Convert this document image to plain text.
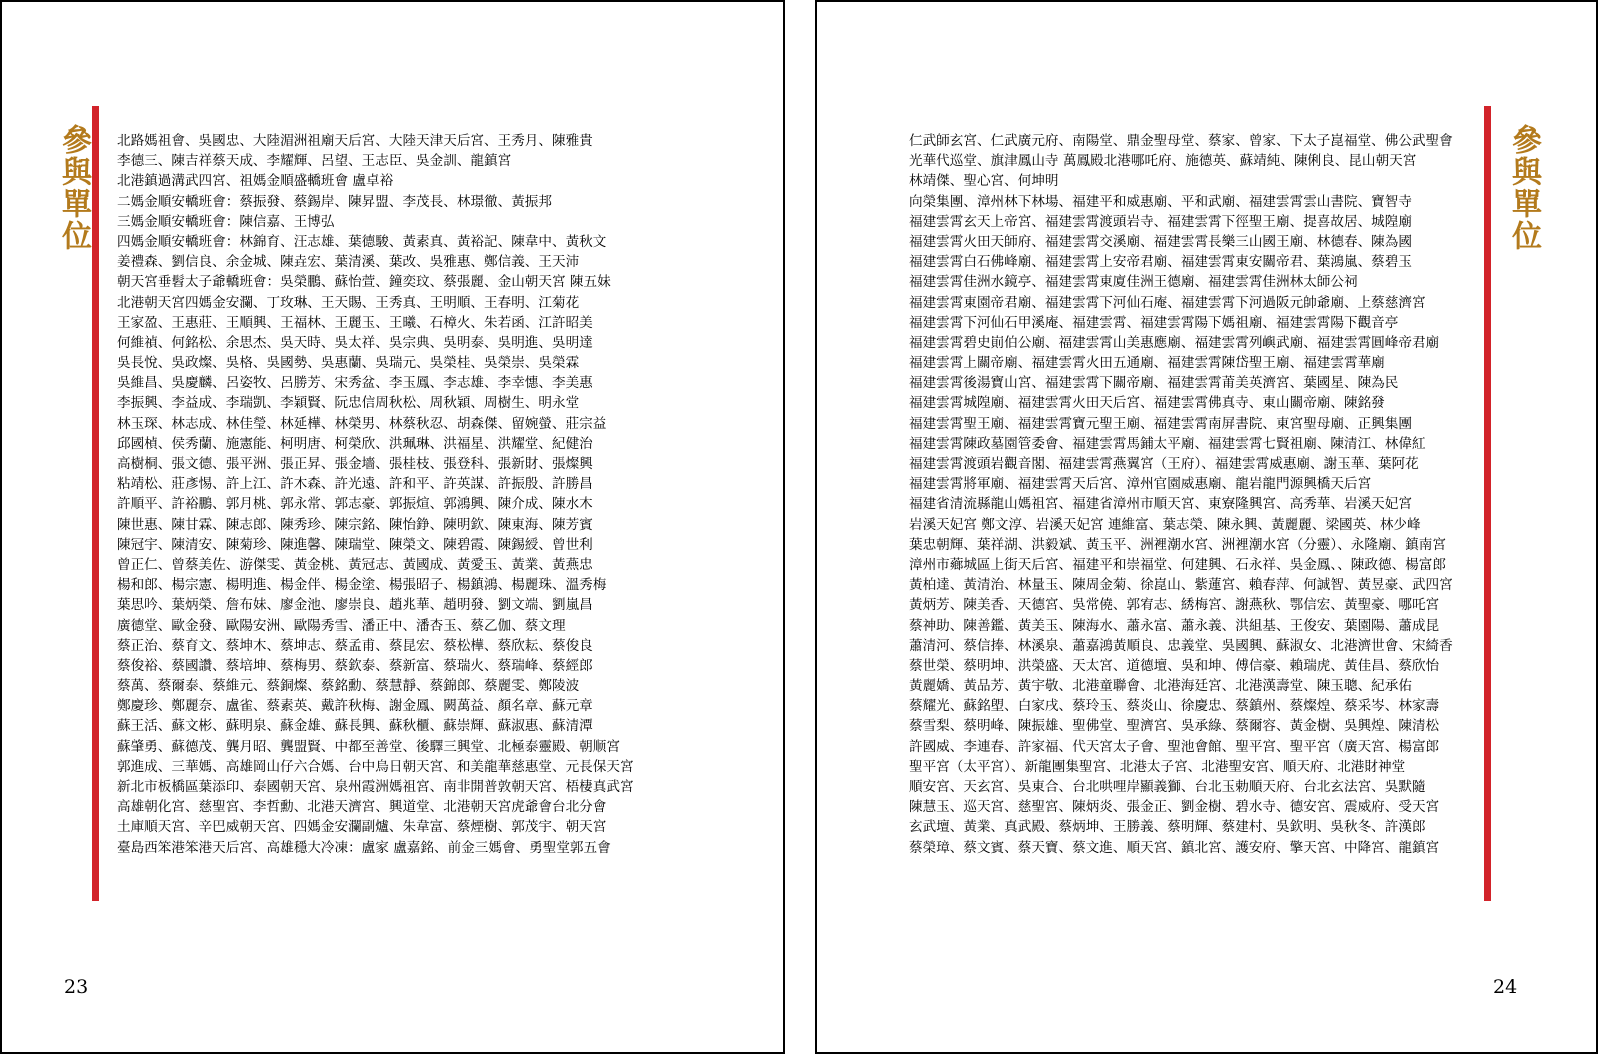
參與單位 北路媽祖會、吳國忠、大陸湄洲祖廟天后宮、大陸天津天后宮、王秀月、陳雅貴
李德三、陳吉祥蔡天成、李耀輝、呂望、王志臣、吳金訓、龍鎮宮
北港鎮過溝武四宮、祖媽金順盛轎班會 盧卓裕
二媽金順安轎班會：蔡振發、蔡錫岸、陳昇盟、李茂長、林璟徹、黃振邦
三媽金順安轎班會：陳信嘉、王博弘
四媽金順安轎班會：林錦育、汪志雄、葉德駿、黃素真、黃裕記、陳韋中、黃秋文
姜禮森、劉信良、余金城、陳垚宏、葉清溪、葉改、吳雅惠、鄭信義、王天沛
朝天宮垂髫太子爺轎班會：吳榮鵬、蘇怡萱、鐘奕玟、蔡張麗、金山朝天宮 陳五妹
北港朝天宮四媽金安瀾、丁玫琳、王天賜、王秀真、王明順、王春明、江菊花
王家盈、王惠莊、王順興、王福林、王麗玉、王曦、石樟火、朱若函、江許昭美
何維禎、何銘松、余思杰、吳天時、吳太祥、吳宗典、吳明泰、吳明進、吳明達
吳長悅、吳政燦、吳格、吳國勢、吳惠蘭、吳瑞元、吳榮桂、吳榮崇、吳榮霖
吳維昌、吳慶麟、呂姿牧、呂勝芳、宋秀盆、李玉鳳、李志雄、李幸憓、李美惠
李振興、李益成、李瑞凱、李穎賢、阮忠信周秋松、周秋穎、周樹生、明永堂
林玉琛、林志成、林佳瑩、林延樺、林榮男、林蔡秋忍、胡森傑、留婉螢、莊宗益
邱國楨、侯秀蘭、施憲能、柯明唐、柯榮欣、洪珮琳、洪福星、洪耀堂、紀健治
高樹桐、張文德、張平洲、張正昇、張金墻、張桂枝、張登科、張新財、張燦興
粘靖松、莊彥惕、許上江、許木森、許光遠、許和平、許英謀、許振殷、許勝昌
許順平、許裕鵬、郭月桃、郭永常、郭志豪、郭振煊、郭鴻興、陳介成、陳水木
陳世惠、陳甘霖、陳志郎、陳秀珍、陳宗銘、陳怡錚、陳明欽、陳東海、陳芳賓
陳冠宇、陳清安、陳菊珍、陳進馨、陳瑞堂、陳榮文、陳碧霞、陳錫綬、曾世利
曾正仁、曾蔡美佐、游傑雯、黃金桃、黃冠志、黃國成、黃愛玉、黃業、黃燕忠
楊和郎、楊宗憲、楊明進、楊金伴、楊金塗、楊張昭子、楊鎮鴻、楊麗珠、溫秀梅
葉思吟、葉炳榮、詹布妹、廖金池、廖崇良、趙兆華、趙明發、劉文端、劉嵐昌
廣德堂、歐金發、歐陽安洲、歐陽秀雪、潘正中、潘杏玉、蔡乙伽、蔡文理
蔡正治、蔡育文、蔡坤木、蔡坤志、蔡孟甫、蔡昆宏、蔡松樺、蔡欣耘、蔡俊良
蔡俊裕、蔡國讚、蔡培坤、蔡梅男、蔡欽泰、蔡新富、蔡瑞火、蔡瑞峰、蔡經郎
蔡萬、蔡爾泰、蔡維元、蔡銅燦、蔡銘勳、蔡慧靜、蔡錦郎、蔡麗雯、鄭陵波
鄭慶珍、鄭麗奈、盧雀、蔡素英、戴許秋梅、謝金鳳、闕萬益、顏名章、蘇元章
蘇王活、蘇文彬、蘇明泉、蘇金雄、蘇長興、蘇秋櫃、蘇崇輝、蘇淑惠、蘇清潭
蘇肇勇、蘇德茂、龔月昭、龔盟賢、中都至善堂、後驛三興堂、北極泰靈殿、朝顺宮
郭進成、三華媽、高雄岡山仔六合媽、台中烏日朝天宮、和美龍華慈惠堂、元長保天宮
新北市板橋區葉添印、泰國朝天宮、泉州霞洲媽祖宮、南非開普敦朝天宮、梧棲真武宮
高雄朝化宮、慈聖宮、李哲勳、北港天濟宮、興道堂、北港朝天宮虎爺會台北分會
土庫順天宮、辛巴威朝天宮、四媽金安瀾副爐、朱韋富、蔡煙樹、郭茂宇、朝天宮
臺島西笨港笨港天后宮、高雄穩大冷凍：盧家 盧嘉銘、前金三媽會、勇聖堂郭五會
23
仁武師玄宮、仁武廣元府、南陽堂、鼎金聖母堂、蔡家、曾家、下太子崑福堂、佛公武聖會
光華代巡堂、旗津鳳山寺 萬鳳殿北港哪吒府、施德英、蘇靖純、陳俐良、昆山朝天宮
林靖傑、聖心宮、何坤明
向榮集團、漳州林下林場、福建平和威惠廟、平和武廟、福建雲霄雲山書院、寶智寺
福建雲霄玄天上帝宮、福建雲霄渡頭岩寺、福建雲霄下徑聖王廟、提喜故居、城隍廟
福建雲霄火田天師府、福建雲霄交溪廟、福建雲霄長樂三山國王廟、林德春、陳為國
福建雲霄白石佛峰廟、福建雲霄上安帝君廟、福建雲霄東安關帝君、葉鴻嵐、蔡碧玉
福建雲霄佳洲水鏡亭、福建雲霄東廈佳洲王德廟、福建雲霄佳洲林太師公祠
福建雲霄東園帝君廟、福建雲霄下河仙石庵、福建雲霄下河過阪元帥爺廟、上蔡慈濟宮
福建雲霄下河仙石甲溪庵、福建雲霄、福建雲霄陽下媽祖廟、福建雲霄陽下觀音亭
福建雲霄碧史崱伯公廟、福建雲霄山美惠應廟、福建雲霄列嶼武廟、福建雲霄圓峰帝君廟
福建雲霄上關帝廟、福建雲霄火田五通廟、福建雲霄陳岱聖王廟、福建雲霄華廟
福建雲霄後湯寶山宮、福建雲霄下關帝廟、福建雲霄莆美英濟宮、葉國星、陳為民
福建雲霄城隍廟、福建雲霄火田天后宮、福建雲霄佛真寺、東山關帝廟、陳銘發
福建雲霄聖王廟、福建雲霄寶元聖王廟、福建雲霄南屏書院、東宮聖母廟、正興集團
福建雲霄陳政墓園管委會、福建雲霄馬鋪太平廟、福建雲霄七賢祖廟、陳清江、林偉紅
福建雲霄渡頭岩觀音閣、福建雲霄燕翼宮（王府）、福建雲霄威惠廟、謝玉華、葉阿花
福建雲霄將軍廟、福建雲霄天后宮、漳州官園威惠廟、龍岩龍門源興橋天后宮
福建省清流縣龍山媽祖宮、福建省漳州市順天宮、東寮隆興宮、高秀華、岩溪天妃宮
岩溪天妃宮 鄭文淳、岩溪天妃宮 連維富、葉志榮、陳永興、黃麗麗、梁國英、林少峰
葉忠朝輝、葉祥湖、洪毅斌、黃玉平、洲裡潮水宮、洲裡潮水宮（分靈）、永隆廟、鎮南宮
漳州市薌城區上街天后宮、福建平和崇福堂、何建興、石永祥、吳金鳳、、陳政德、楊富郎
黃柏達、黃清治、林量玉、陳周金菊、徐崑山、紫蓮宮、賴春萍、何誠智、黃昱豪、武四宮
黃炳芳、陳美香、天德宮、吳常僥、郭宥志、綉梅宮、謝燕秋、鄂信宏、黃聖豪、哪吒宮
蔡神助、陳善鑑、黃美玉、陳海水、蕭永富、蕭永義、洪組基、王俊安、葉園陽、蕭成昆
蕭清河、蔡信捧、林溪泉、蕭嘉鴻黃順良、忠義堂、吳國興、蘇淑女、北港濟世會、宋綺香
蔡世榮、蔡明坤、洪榮盛、天太宮、道德壇、吳和坤、傅信豪、賴瑞虎、黃佳昌、蔡欣怡
黃麗嬌、黃品芳、黃宇敬、北港童聯會、北港海廷宮、北港漢壽堂、陳玉聰、紀承佑
蔡耀光、蘇銘塱、白家戌、蔡玲玉、蔡炎山、徐慶忠、蔡鎮州、蔡燦煌、蔡采岑、林家壽
蔡雪梨、蔡明峰、陳振雄、聖佛堂、聖濟宮、吳承綠、蔡爾容、黃金樹、吳興煌、陳清松
許國威、李連春、許家福、代天宮太子會、聖池會館、聖平宮、聖平宮（廣天宮、楊富郎
聖平宮（太平宮）、新龍團集聖宮、北港太子宮、北港聖安宮、順天府、北港財神堂
順安宮、天玄宮、吳東合、台北哄哩岸顯義獅、台北玉勅順天府、台北玄法宮、吳默隨
陳慧玉、巡天宮、慈聖宮、陳炳炎、張金正、劉金樹、碧水寺、德安宮、震威府、受天宮
玄武壇、黃業、真武殿、蔡炳坤、王勝義、蔡明輝、蔡建村、吳欽明、吳秋冬、許漢郎
蔡榮璋、蔡文賓、蔡天寶、蔡文進、順天宮、鎮北宮、護安府、擎天宮、中降宮、龍鎮宮
參與單位
24
